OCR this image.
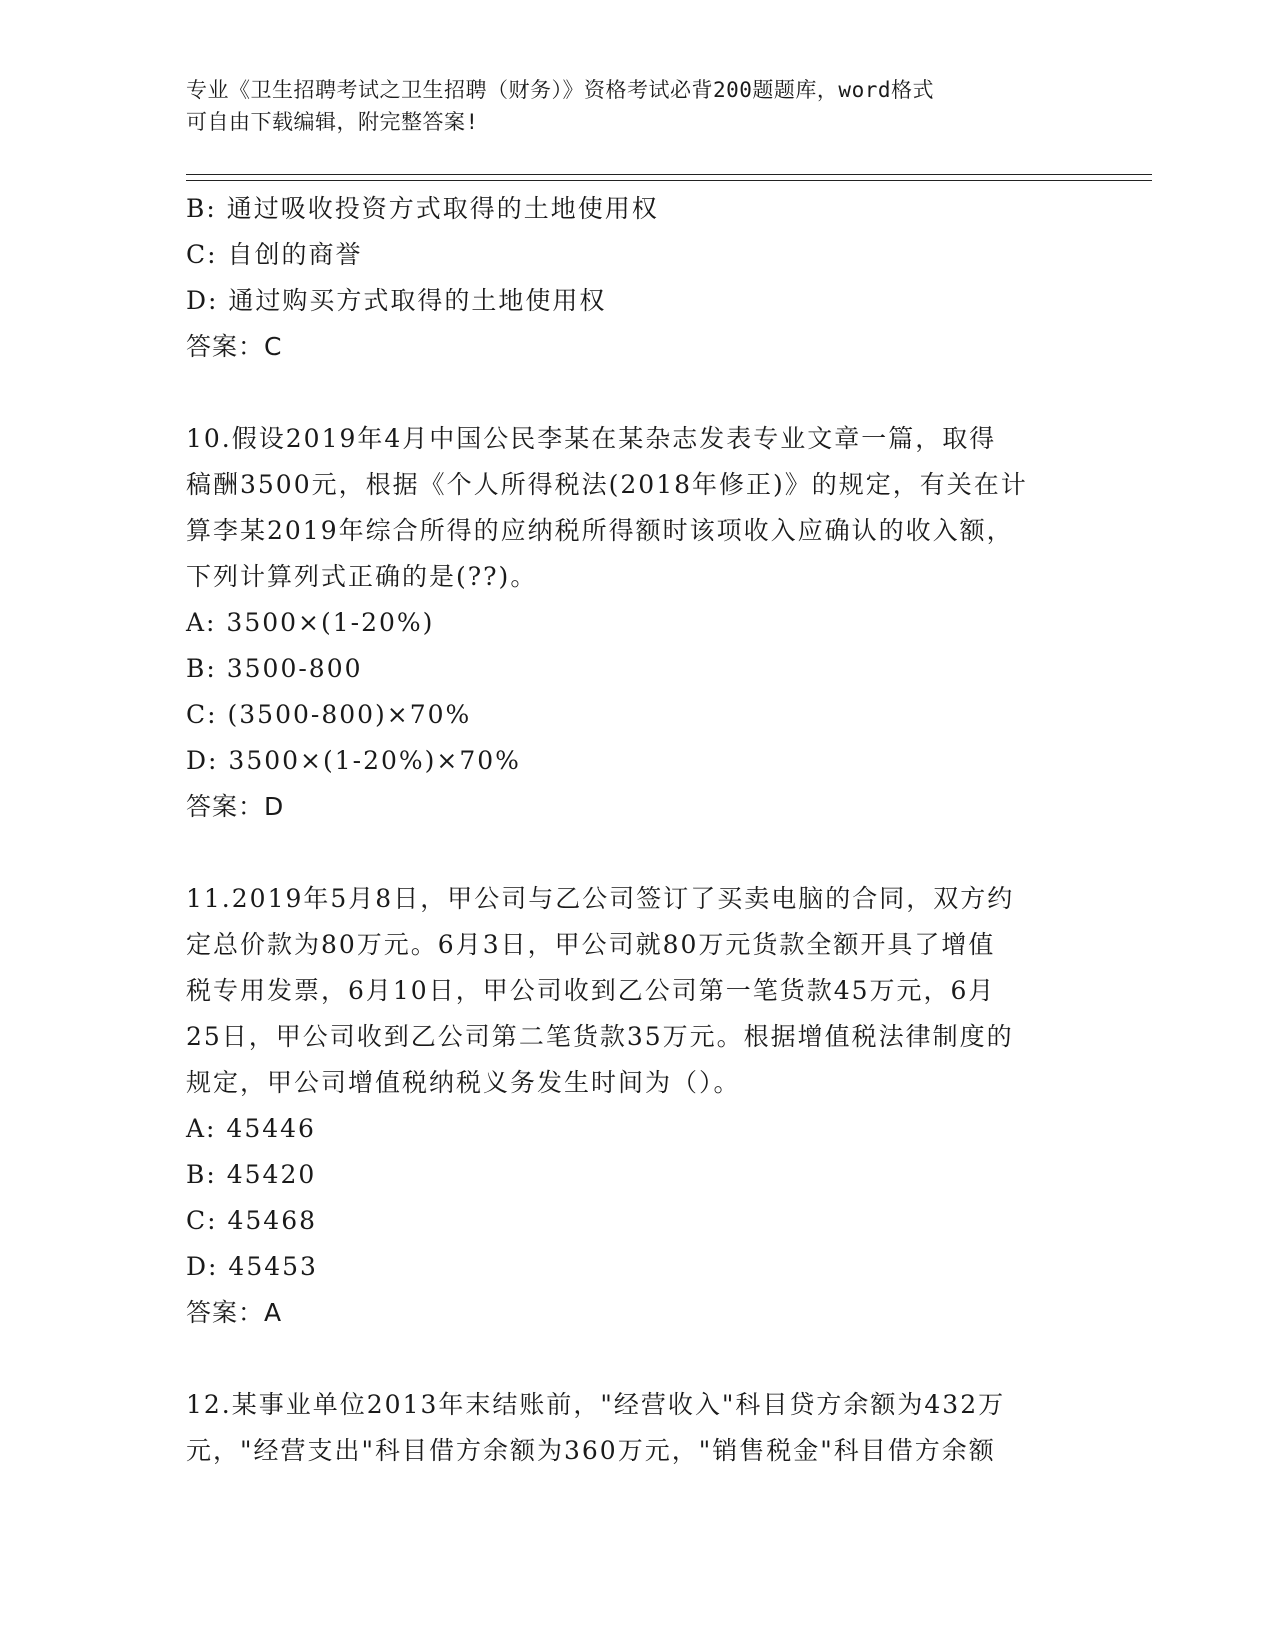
专业《卫生招聘考试之卫生招聘（财务）》资格考试必背200题题库，word格式
可自由下载编辑，附完整答案!
B: 通过吸收投资方式取得的土地使用权
C: 自创的商誉
D: 通过购买方式取得的土地使用权
答案：C
10.假设2019年4月中国公民李某在某杂志发表专业文章一篇，取得
稿酬3500元，根据《个人所得税法(2018年修正)》的规定，有关在计
算李某2019年综合所得的应纳税所得额时该项收入应确认的收入额，
下列计算列式正确的是(??)。
A: 3500×(1-20%)
B: 3500-800
C: (3500-800)×70%
D: 3500×(1-20%)×70%
答案：D
11.2019年5月8日，甲公司与乙公司签订了买卖电脑的合同，双方约
定总价款为80万元。6月3日，甲公司就80万元货款全额开具了增值
税专用发票，6月10日，甲公司收到乙公司第一笔货款45万元，6月
25日，甲公司收到乙公司第二笔货款35万元。根据增值税法律制度的
规定，甲公司增值税纳税义务发生时间为（）。
A: 45446
B: 45420
C: 45468
D: 45453
答案：A
12.某事业单位2013年末结账前，"经营收入"科目贷方余额为432万
元，"经营支出"科目借方余额为360万元，"销售税金"科目借方余额
